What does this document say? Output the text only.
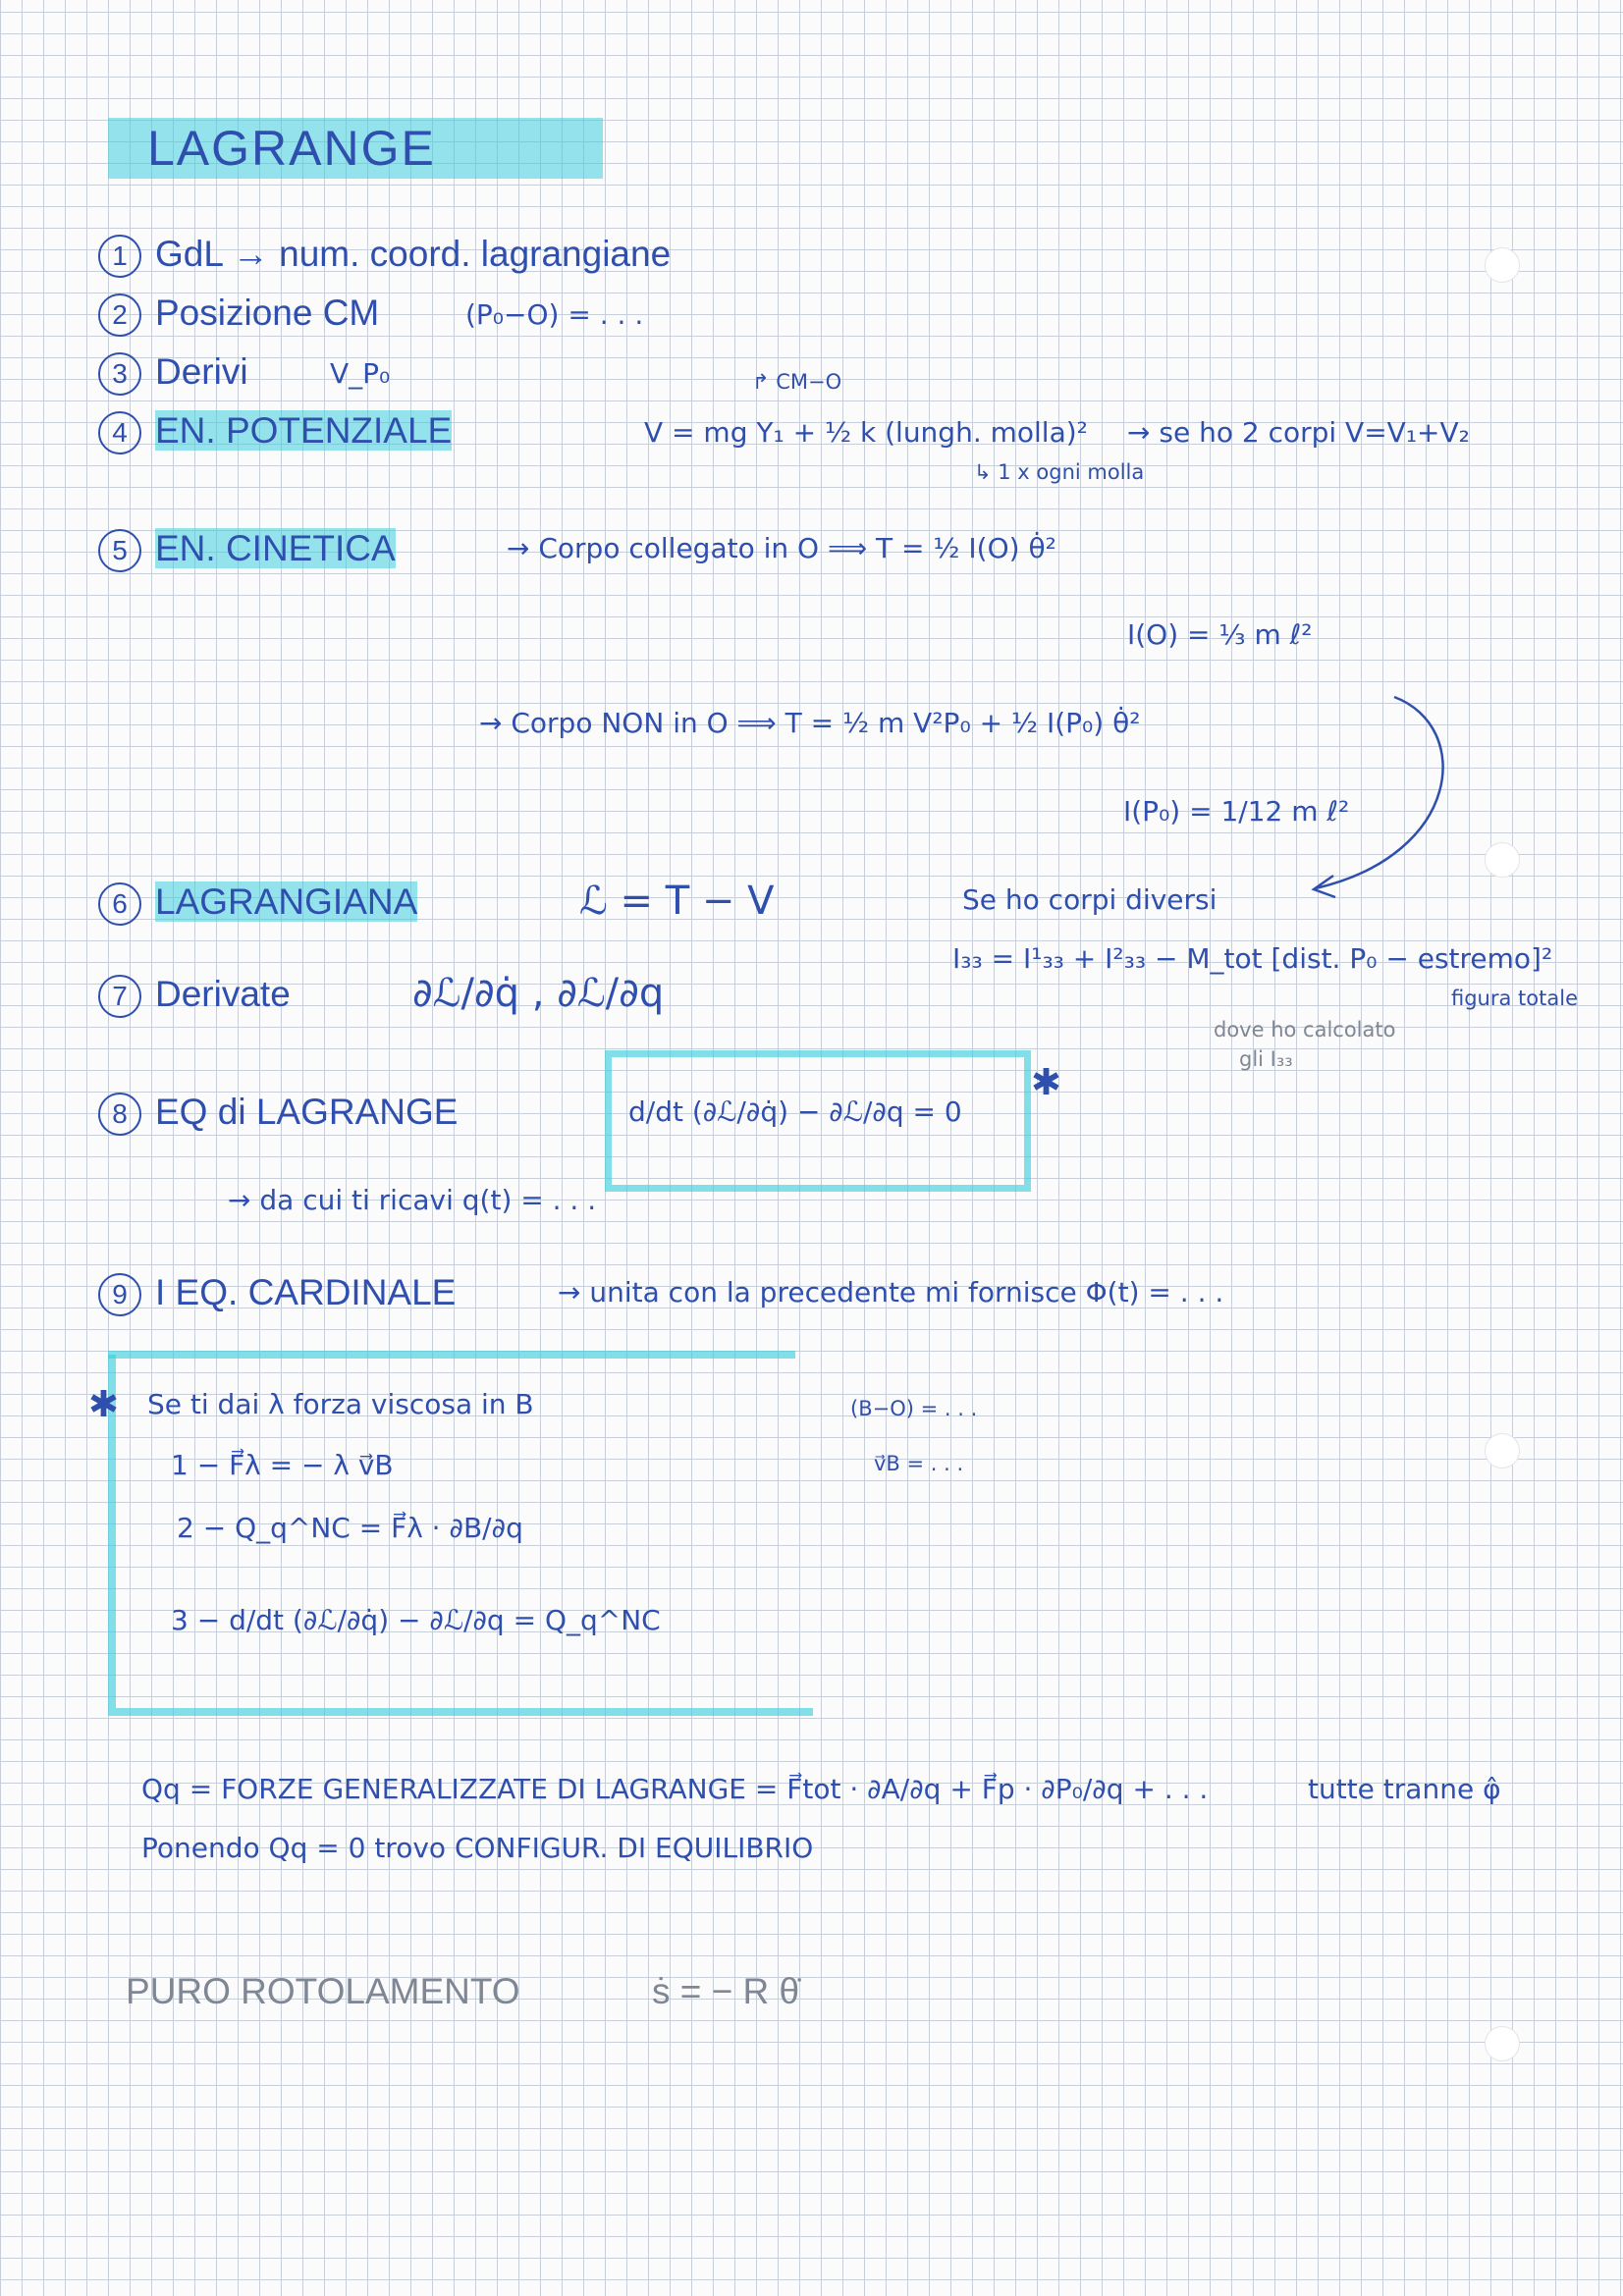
LAGRANGE
1 GdL → num. coord. lagrangiane
2 Posizione CM	(P₀−O) = . . .
3 Derivi	V_P₀
4 EN. POTENZIALE
↱ CM−O
V = mg Y₁ + ½ k (lungh. molla)² → se ho 2 corpi V=V₁+V₂
↳ 1 x ogni molla
5 EN. CINETICA	→ Corpo collegato in O ⟹ T = ½ I(O) θ̇²
I(O) = ⅓ m ℓ²
→ Corpo NON in O ⟹ T = ½ m V²P₀ + ½ I(P₀) θ̇²
I(P₀) = 1/12 m ℓ²
6 LAGRANGIANA	ℒ = T − V	Se ho corpi diversi
I₃₃ = I¹₃₃ + I²₃₃ − M_tot [dist. P₀ − estremo]²
figura totale
dove ho calcolato
gli I₃₃
7 Derivate	∂ℒ/∂q̇ , ∂ℒ/∂q
8 EQ di LAGRANGE	d/dt (∂ℒ/∂q̇) − ∂ℒ/∂q = 0
✱
→ da cui ti ricavi q(t) = . . .
9 I EQ. CARDINALE	→ unita con la precedente mi fornisce Φ(t) = . . .
✱ Se ti dai λ forza viscosa in B
1 − F⃗λ = − λ v⃗B
2 − Q_q^NC = F⃗λ · ∂B/∂q
3 − d/dt (∂ℒ/∂q̇) − ∂ℒ/∂q = Q_q^NC
(B−O) = . . .
v⃗B = . . .
Qq = FORZE GENERALIZZATE DI LAGRANGE = F⃗tot · ∂A/∂q + F⃗p · ∂P₀/∂q + . . .	tutte tranne φ̂
Ponendo Qq = 0 trovo CONFIGUR. DI EQUILIBRIO
PURO ROTOLAMENTO	ṡ = − R θ̇
